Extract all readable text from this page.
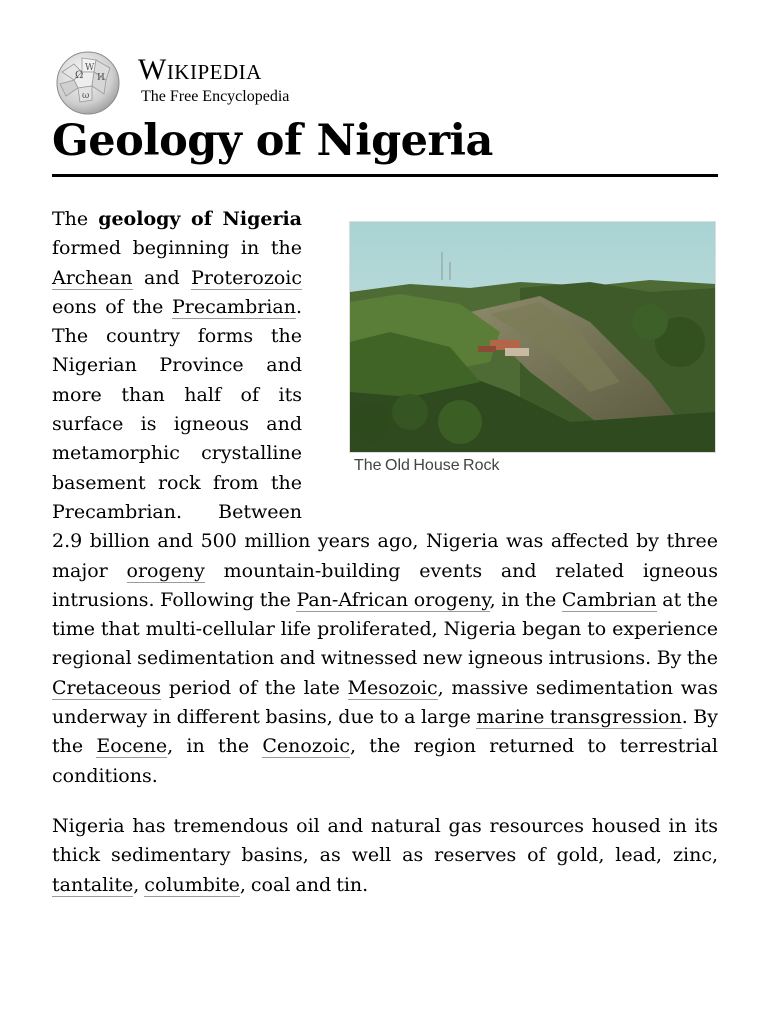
Ω
W
И
ω
Wikipedia
The Free Encyclopedia
Geology of Nigeria
The Old House Rock

The geology of Nigeria formed beginning in the Archean and Proterozoic eons of the Precambrian. The country forms the Nigerian Province and more than half of its surface is igneous and metamorphic crystalline basement rock from the Precambrian. Between 2.9 billion and 500 million years ago, Nigeria was affected by three major orogeny mountain-building events and related igneous intrusions. Following the Pan-African orogeny, in the Cambrian at the time that multi-cellular life proliferated, Nigeria began to experience regional sedimentation and witnessed new igneous intrusions. By the Cretaceous period of the late Mesozoic, massive sedimentation was underway in different basins, due to a large marine transgression. By the Eocene, in the Cenozoic, the region returned to terrestrial conditions.

Nigeria has tremendous oil and natural gas resources housed in its thick sedimentary basins, as well as reserves of gold, lead, zinc, tantalite, columbite, coal and tin.
